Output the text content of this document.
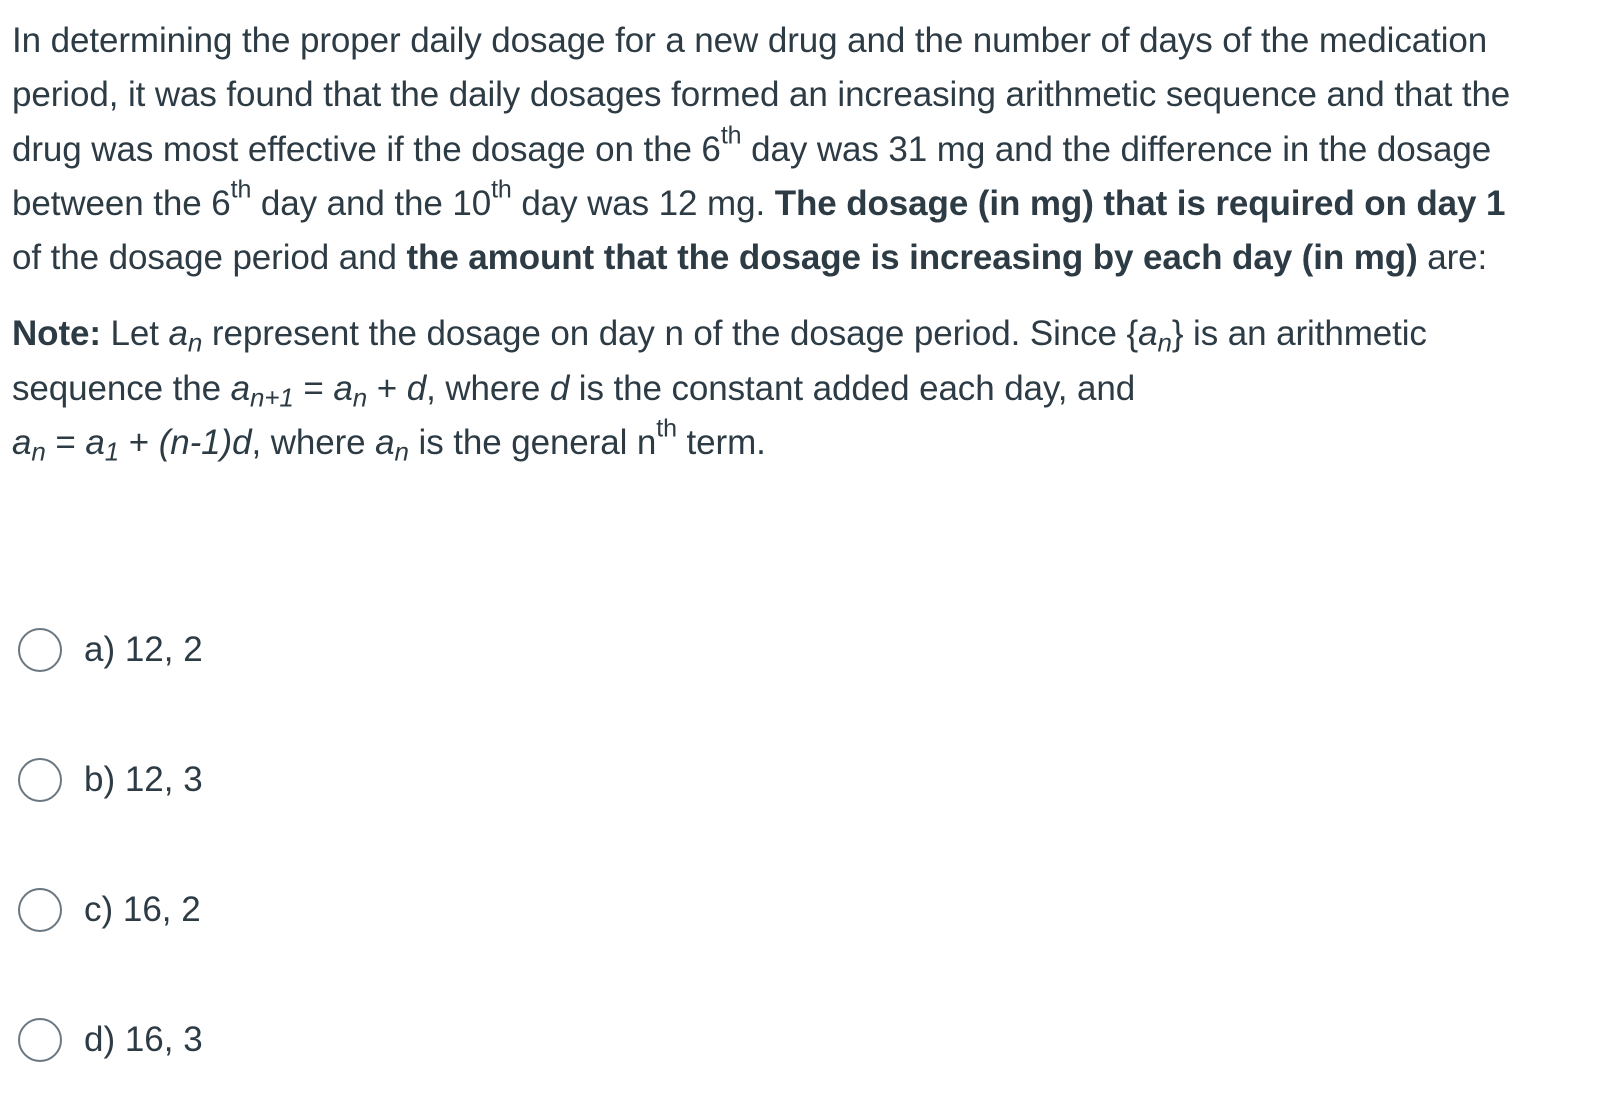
In determining the proper daily dosage for a new drug and the number of days of the medication period, it was found that the daily dosages formed an increasing arithmetic sequence and that the drug was most effective if the dosage on the 6th day was 31 mg and the difference in the dosage between the 6th day and the 10th day was 12 mg. The dosage (in mg) that is required on day 1 of the dosage period and the amount that the dosage is increasing by each day (in mg) are:

Note: Let $a_n$ represent the dosage on day n of the dosage period. Since $\{a_n\}$ is an arithmetic sequence the $a_{n+1} = a_n + d$, where d is the constant added each day, and
$a_n = a_1 + (n-1)d$, where $a_n$ is the general $n^{th}$ term.

a) 12, 2
b) 12, 3
c) 16, 2
d) 16, 3
